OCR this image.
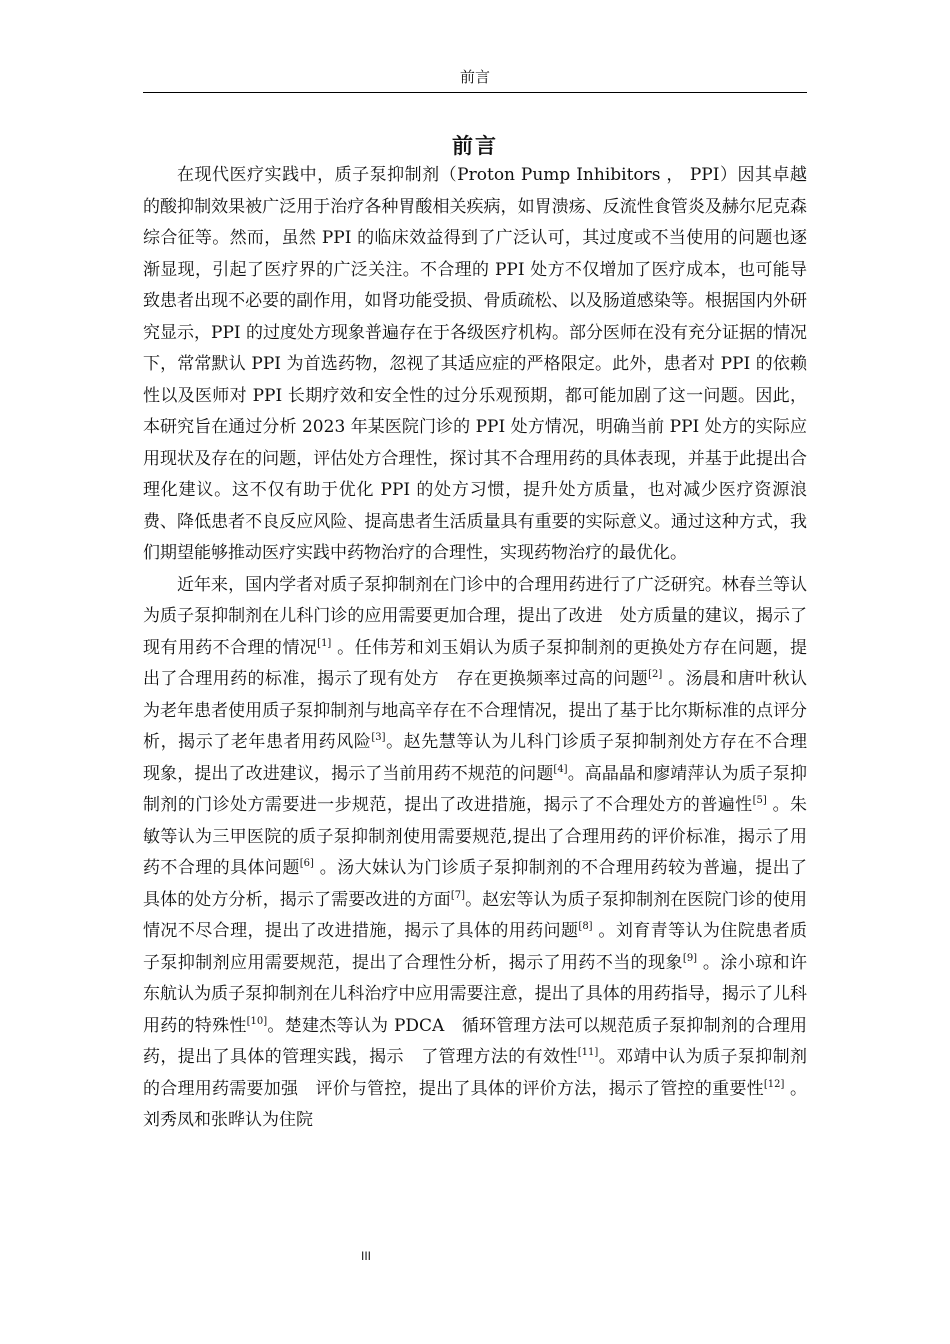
前言
前言

在现代医疗实践中，质子泵抑制剂（Proton Pump Inhibitors ， PPI）因其卓越的酸抑制效果被广泛用于治疗各种胃酸相关疾病，如胃溃疡、反流性食管炎及赫尔尼克森综合征等。然而，虽然 PPI 的临床效益得到了广泛认可，其过度或不当使用的问题也逐渐显现，引起了医疗界的广泛关注。不合理的 PPI 处方不仅增加了医疗成本，也可能导致患者出现不必要的副作用，如肾功能受损、骨质疏松、以及肠道感染等。根据国内外研究显示，PPI 的过度处方现象普遍存在于各级医疗机构。部分医师在没有充分证据的情况下，常常默认 PPI 为首选药物，忽视了其适应症的严格限定。此外，患者对 PPI 的依赖性以及医师对 PPI 长期疗效和安全性的过分乐观预期，都可能加剧了这一问题。因此，本研究旨在通过分析 2023 年某医院门诊的 PPI 处方情况，明确当前 PPI 处方的实际应用现状及存在的问题，评估处方合理性，探讨其不合理用药的具体表现，并基于此提出合理化建议。这不仅有助于优化 PPI 的处方习惯，提升处方质量，也对减少医疗资源浪费、降低患者不良反应风险、提高患者生活质量具有重要的实际意义。通过这种方式，我们期望能够推动医疗实践中药物治疗的合理性，实现药物治疗的最优化。

近年来，国内学者对质子泵抑制剂在门诊中的合理用药进行了广泛研究。林春兰等认为质子泵抑制剂在儿科门诊的应用需要更加合理，提出了改进　处方质量的建议，揭示了现有用药不合理的情况[1] 。任伟芳和刘玉娟认为质子泵抑制剂的更换处方存在问题，提出了合理用药的标准，揭示了现有处方　存在更换频率过高的问题[2] 。汤晨和唐叶秋认为老年患者使用质子泵抑制剂与地高辛存在不合理情况，提出了基于比尔斯标准的点评分析，揭示了老年患者用药风险[3]。赵先慧等认为儿科门诊质子泵抑制剂处方存在不合理　现象，提出了改进建议，揭示了当前用药不规范的问题[4]。高晶晶和廖靖萍认为质子泵抑制剂的门诊处方需要进一步规范，提出了改进措施，揭示了不合理处方的普遍性[5] 。朱敏等认为三甲医院的质子泵抑制剂使用需要规范,提出了合理用药的评价标准，揭示了用药不合理的具体问题[6] 。汤大妹认为门诊质子泵抑制剂的不合理用药较为普遍，提出了具体的处方分析，揭示了需要改进的方面[7]。赵宏等认为质子泵抑制剂在医院门诊的使用情况不尽合理，提出了改进措施，揭示了具体的用药问题[8] 。刘育青等认为住院患者质子泵抑制剂应用需要规范，提出了合理性分析，揭示了用药不当的现象[9] 。涂小琼和许东航认为质子泵抑制剂在儿科治疗中应用需要注意，提出了具体的用药指导，揭示了儿科用药的特殊性[10]。楚建杰等认为 PDCA　循环管理方法可以规范质子泵抑制剂的合理用药，提出了具体的管理实践，揭示　了管理方法的有效性[11]。邓靖中认为质子泵抑制剂的合理用药需要加强　评价与管控，提出了具体的评价方法，揭示了管控的重要性[12] 。刘秀凤和张晔认为住院

III
